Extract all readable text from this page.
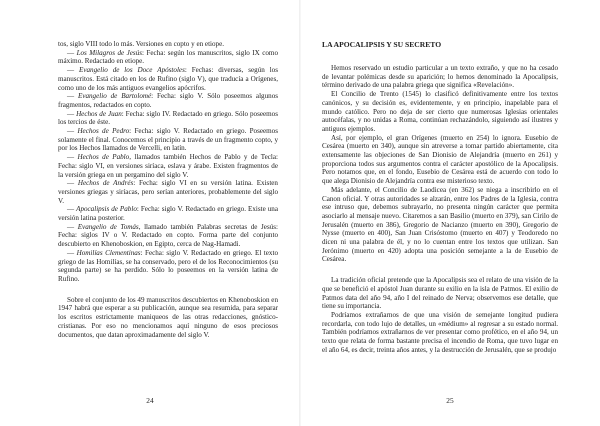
tos, siglo VIII todo lo más. Versiones en copto y en etiope.

— Los Milagros de Jesús: Fecha: según los manuscritos, siglo IX como máximo. Redactado en etiope.

— Evangelio de los Doce Apóstoles: Fechas: diversas, según los manuscritos. Está citado en los de Rufino (siglo V), que traducía a Orígenes, como uno de los más antiguos evangelios apócrifos.

— Evangelio de Bartolomé: Fecha: siglo V. Sólo poseemos algunos fragmentos, redactados en copto.

— Hechos de Juan: Fecha: siglo IV. Redactado en griego. Sólo poseemos los tercios de éste.

— Hechos de Pedro: Fecha: siglo V. Redactado en griego. Poseemos solamente el final. Conocemos el principio a través de un fragmento copto, y por los Hechos llamados de Vercelli, en latín.

— Hechos de Pablo, llamados también Hechos de Pablo y de Tecla: Fecha: siglo VI, en versiones siríaca, eslava y árabe. Existen fragmentos de la versión griega en un pergamino del siglo V.

— Hechos de Andrés: Fecha: siglo VI en su versión latina. Existen versiones griegas y siríacas, pero serían anteriores, probablemente del siglo V.

— Apocalipsis de Pablo: Fecha: siglo V. Redactado en griego. Existe una versión latina posterior.

— Evangelio de Tomás, llamado también Palabras secretas de Jesús: Fecha: siglos IV o V. Redactado en copto. Forma parte del conjunto descubierto en Khenoboskion, en Egipto, cerca de Nag-Hamadi.

— Homilías Clementinas: Fecha: siglo V. Redactado en griego. El texto griego de las Homilías, se ha conservado, pero el de los Reconocimientos (su segunda parte) se ha perdido. Sólo lo poseemos en la versión latina de Rufino.

Sobre el conjunto de los 49 manuscritos descubiertos en Khenoboskion en 1947 habrá que esperar a su publicación, aunque sea resumida, para separar los escritos estrictamente maniqueos de las otras redacciones, gnóstico-cristianas. Por eso no mencionamos aquí ninguno de esos preciosos documentos, que datan aproximadamente del siglo V.

LA APOCALIPSIS Y SU SECRETO

Hemos reservado un estudio particular a un texto extraño, y que no ha cesado de levantar polémicas desde su aparición; lo hemos denominado la Apocalipsis, término derivado de una palabra griega que significa «Revelación».

El Concilio de Trento (1545) lo clasificó definitivamente entre los textos canónicos, y su decisión es, evidentemente, y en principio, inapelable para el mundo católico. Pero no deja de ser cierto que numerosas Iglesias orientales autocéfalas, y no unidas a Roma, continúan rechazándolo, siguiendo así ilustres y antiguos ejemplos.

Así, por ejemplo, el gran Orígenes (muerto en 254) lo ignora. Eusebio de Cesárea (muerto en 340), aunque sin atreverse a tomar partido abiertamente, cita extensamente las objeciones de San Dionisio de Alejandría (muerto en 261) y proporciona todos sus argumentos contra el carácter apostólico de la Apocalipsis. Pero notamos que, en el fondo, Eusebio de Cesárea está de acuerdo con todo lo que alega Dionisio de Alejandría contra ese misterioso texto.

Más adelante, el Concilio de Laodicea (en 362) se niega a inscribirlo en el Canon oficial. Y otras autoridades se alzarán, entre los Padres de la Iglesia, contra ese intruso que, debemos subrayarlo, no presenta ningún carácter que permita asociarlo al mensaje nuevo. Citaremos a san Basilio (muerto en 379), san Cirilo de Jerusalén (muerto en 386), Gregorio de Nacianzo (muerto en 390), Gregorio de Nysse (muerto en 400), San Juan Crisóstomo (muerto en 407) y Teodoredo no dicen ni una palabra de él, y no lo cuentan entre los textos que utilizan. San Jerónimo (muerto en 420) adopta una posición semejante a la de Eusebio de Cesárea.

La tradición oficial pretende que la Apocalipsis sea el relato de una visión de la que se benefició el apóstol Juan durante su exilio en la isla de Patmos. El exilio de Patmos data del año 94, año I del reinado de Nerva; observemos ese detalle, que tiene su importancia.

Podríamos extrañarnos de que una visión de semejante longitud pudiera recordarla, con todo lujo de detalles, un «médium» al regresar a su estado normal. También podríamos extrañarnos de ver presentar como profético, en el año 94, un texto que relata de forma bastante precisa el incendio de Roma, que tuvo lugar en el año 64, es decir, treinta años antes, y la destrucción de Jerusalén, que se produjo

24	25
